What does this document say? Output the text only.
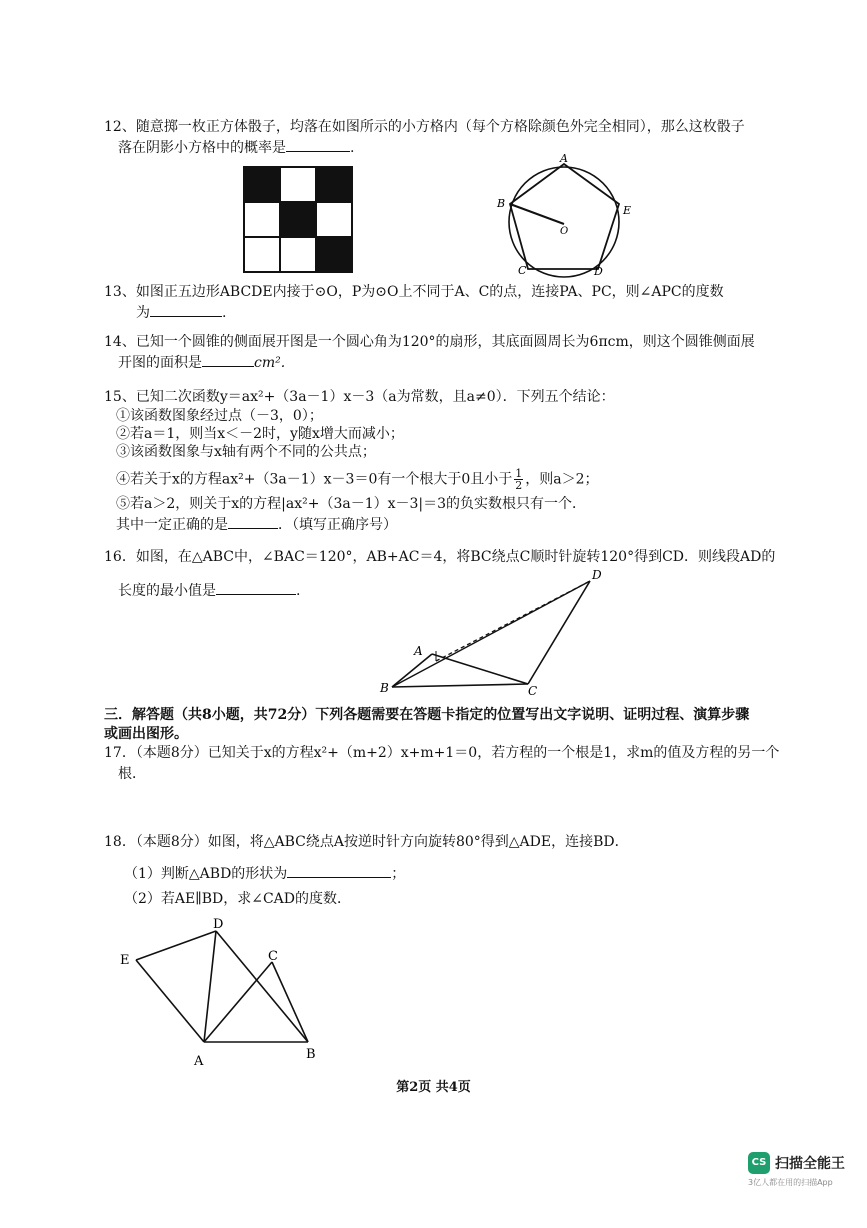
12、随意掷一枚正方体骰子，均落在如图所示的小方格内（每个方格除颜色外完全相同），那么这枚骰子
落在阴影小方格中的概率是	.
A
B
E
O
C	D
13、如图正五边形ABCDE内接于⊙O，P为⊙O上不同于A、C的点，连接PA、PC，则∠APC的度数
为	.
14、已知一个圆锥的侧面展开图是一个圆心角为120°的扇形，其底面圆周长为6πcm，则这个圆锥侧面展
开图的面积是	cm².
15、已知二次函数y＝ax²+（3a－1）x－3（a为常数，且a≠0）．下列五个结论：
①该函数图象经过点（－3，0）；
②若a＝1，则当x＜－2时，y随x增大而减小；
③该函数图象与x轴有两个不同的公共点；
④若关于x的方程ax²+（3a－1）x－3＝0有一个根大于0且小于 $\frac{1}{2}$ ，则a＞2；
⑤若a＞2，则关于x的方程|ax²+（3a－1）x－3|＝3的负实数根只有一个．
其中一定正确的是	．（填写正确序号）
16．如图，在△ABC中，∠BAC＝120°，AB+AC＝4，将BC绕点C顺时针旋转120°得到CD．则线段AD的
长度的最小值是	.
A
B	C
D
三．解答题（共8小题，共72分）下列各题需要在答题卡指定的位置写出文字说明、证明过程、演算步骤
或画出图形。
17．（本题8分）已知关于x的方程x²+（m+2）x+m+1＝0，若方程的一个根是1，求m的值及方程的另一个
根．
18．（本题8分）如图，将△ABC绕点A按逆时针方向旋转80°得到△ADE，连接BD．
（1）判断△ABD的形状为	；
（2）若AE∥BD，求∠CAD的度数．
E
D
C
A	B
第2页 共4页
CS 扫描全能王
3亿人都在用的扫描App
